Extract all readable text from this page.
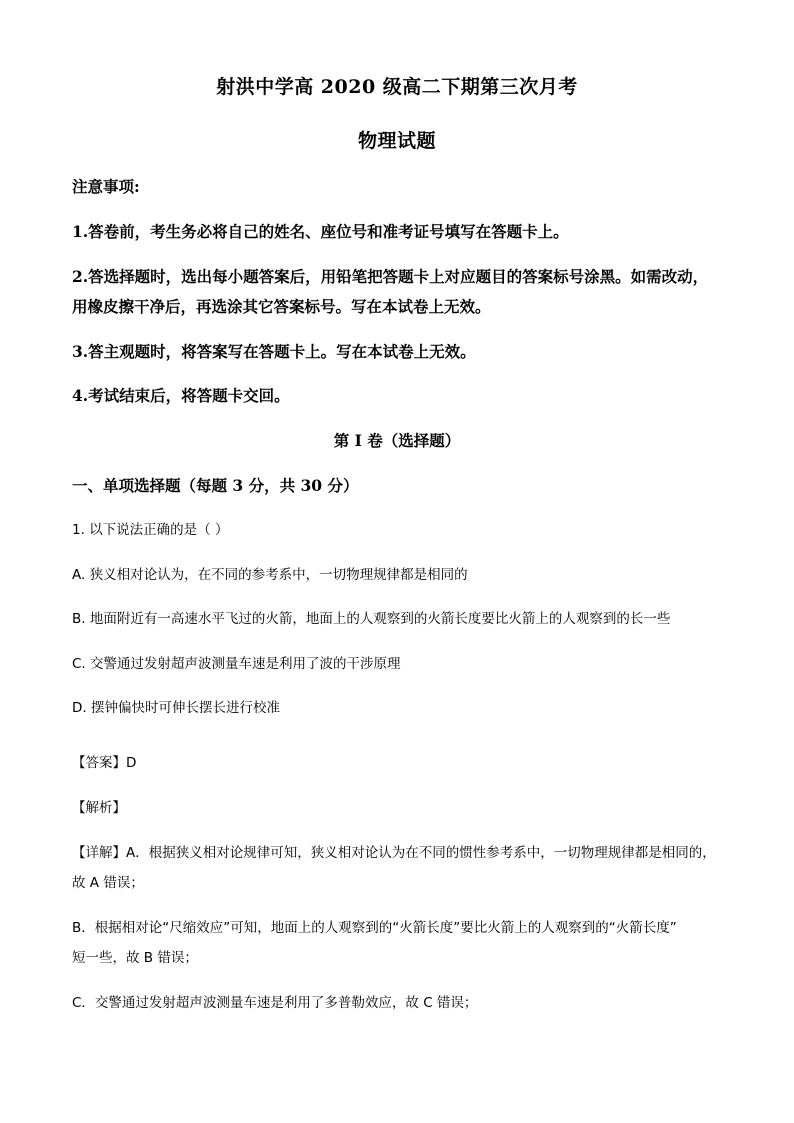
射洪中学高 2020 级高二下期第三次月考
物理试题
注意事项:
1.答卷前，考生务必将自己的姓名、座位号和准考证号填写在答题卡上。
2.答选择题时，选出每小题答案后，用铅笔把答题卡上对应题目的答案标号涂黑。如需改动，
用橡皮擦干净后，再选涂其它答案标号。写在本试卷上无效。
3.答主观题时，将答案写在答题卡上。写在本试卷上无效。
4.考试结束后，将答题卡交回。
第 I 卷（选择题）
一、单项选择题（每题 3 分，共 30 分）
1. 以下说法正确的是（ ）
A. 狭义相对论认为，在不同的参考系中，一切物理规律都是相同的
B. 地面附近有一高速水平飞过的火箭，地面上的人观察到的火箭长度要比火箭上的人观察到的长一些
C. 交警通过发射超声波测量车速是利用了波的干涉原理
D. 摆钟偏快时可伸长摆长进行校准
【答案】D
【解析】
【详解】A．根据狭义相对论规律可知，狭义相对论认为在不同的惯性参考系中，一切物理规律都是相同的，
故 A 错误；
B．根据相对论“尺缩效应”可知，地面上的人观察到的“火箭长度”要比火箭上的人观察到的“火箭长度”
短一些，故 B 错误；
C．交警通过发射超声波测量车速是利用了多普勒效应，故 C 错误；
